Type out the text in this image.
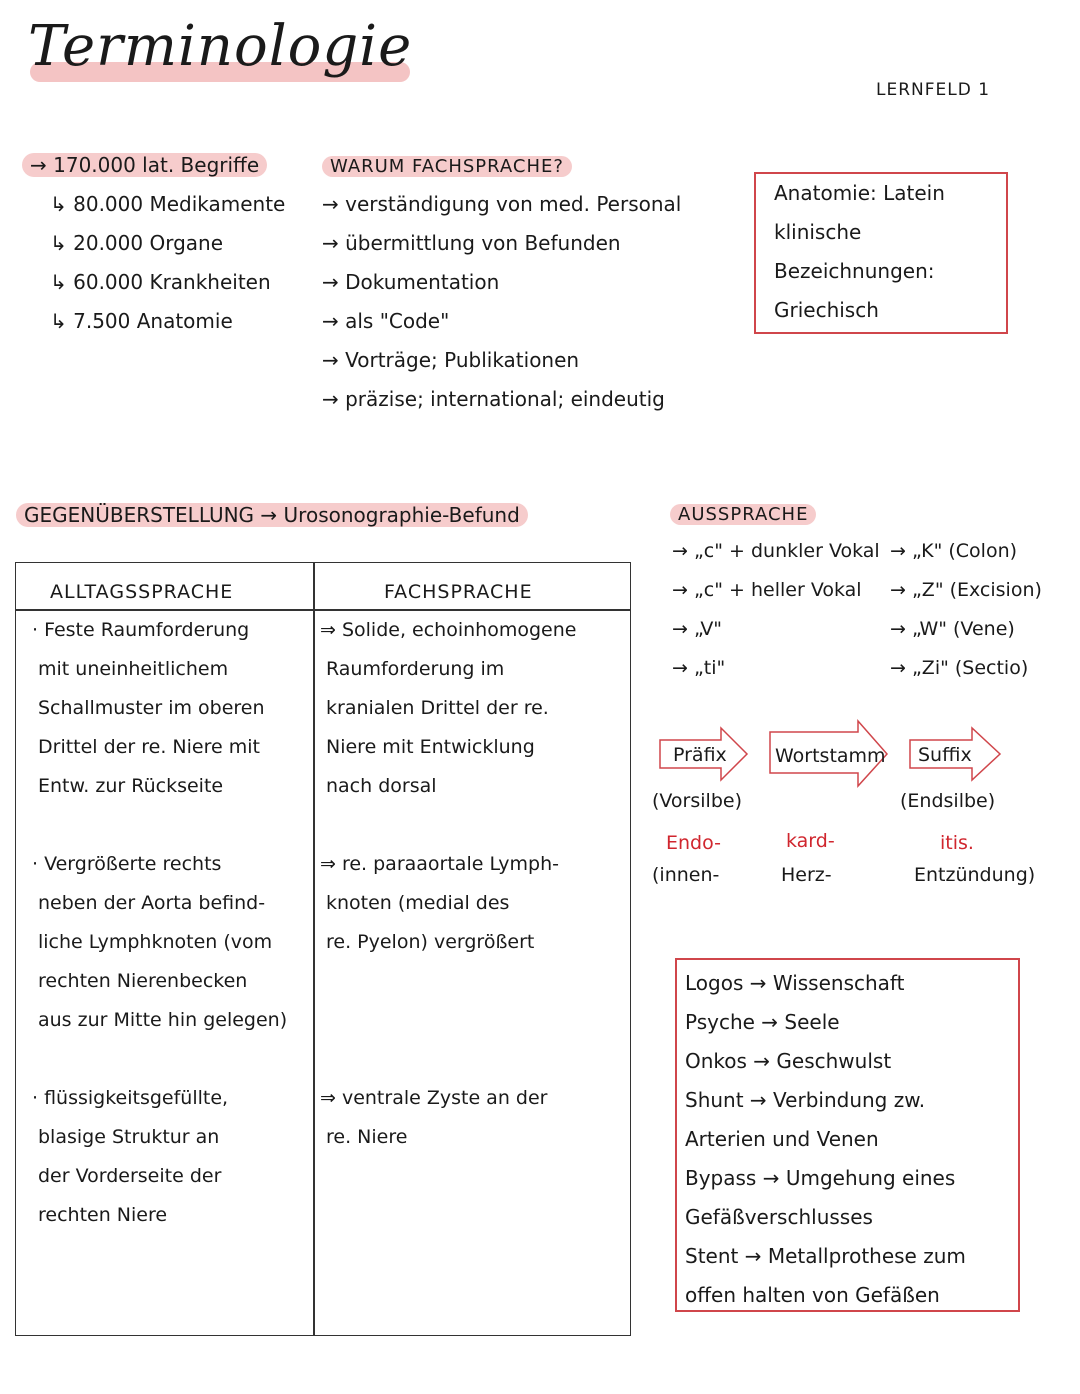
Terminologie
LERNFELD 1
→ 170.000 lat. Begriffe
↳ 80.000 Medikamente
↳ 20.000 Organe
↳ 60.000 Krankheiten
↳ 7.500 Anatomie
WARUM FACHSPRACHE?
→ verständigung von med. Personal
→ übermittlung von Befunden
→ Dokumentation
→ als "Code"
→ Vorträge; Publikationen
→ präzise; international; eindeutig
Anatomie: Latein
klinische
Bezeichnungen:
Griechisch
GEGENÜBERSTELLUNG → Urosonographie-Befund
ALLTAGSSPRACHE	FACHSPRACHE
· Feste Raumforderung
mit uneinheitlichem
Schallmuster im oberen
Drittel der re. Niere mit
Entw. zur Rückseite
⇒ Solide, echoinhomogene
Raumforderung im
kranialen Drittel der re.
Niere mit Entwicklung
nach dorsal
· Vergrößerte rechts
neben der Aorta befind-
liche Lymphknoten (vom
rechten Nierenbecken
aus zur Mitte hin gelegen)
⇒ re. paraaortale Lymph-
knoten (medial des
re. Pyelon) vergrößert
· flüssigkeitsgefüllte,
blasige Struktur an
der Vorderseite der
rechten Niere
⇒ ventrale Zyste an der
re. Niere
AUSSPRACHE
→ „c" + dunkler Vokal → „K" (Colon)
→ „c" + heller Vokal → „Z" (Excision)
→ „V"	→ „W" (Vene)
→ „ti"	→ „Zi" (Sectio)
Präfix	Wortstamm Suffix
(Vorsilbe)	(Endsilbe)
Endo-	kard-	itis.
(innen-	Herz-	Entzündung)
Logos → Wissenschaft
Psyche → Seele
Onkos → Geschwulst
Shunt → Verbindung zw.
Arterien und Venen
Bypass → Umgehung eines
Gefäßverschlusses
Stent → Metallprothese zum
offen halten von Gefäßen
